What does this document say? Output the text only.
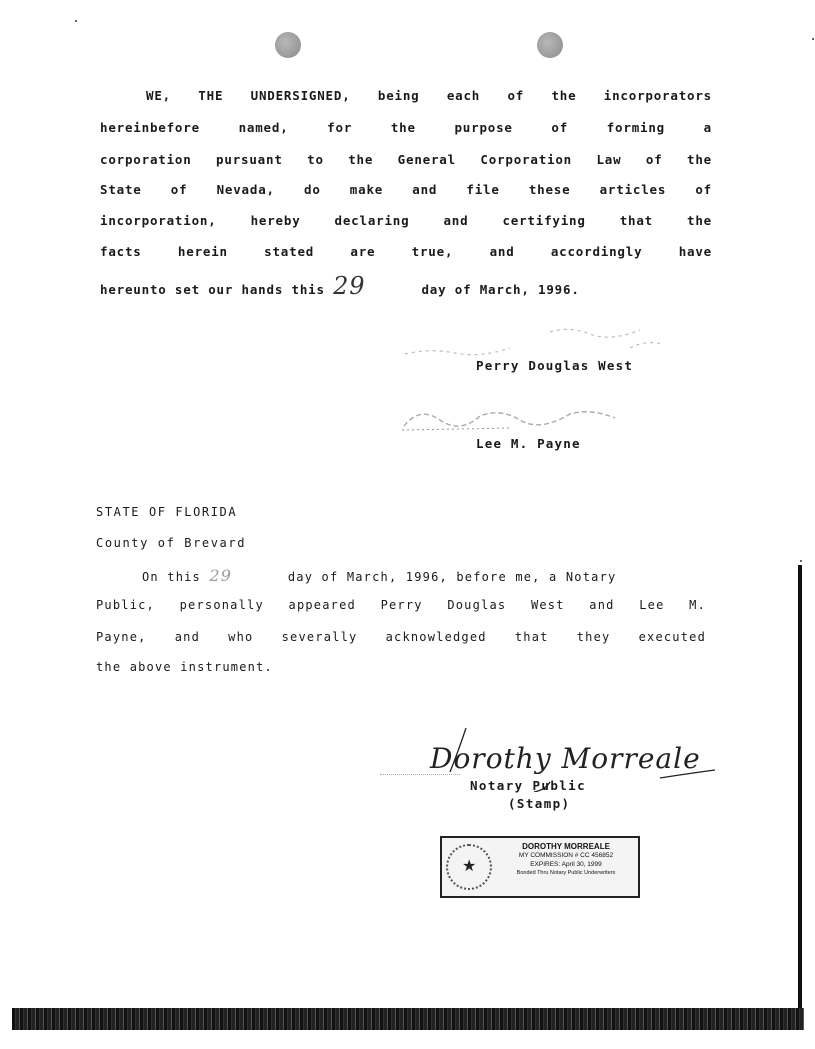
WE, THE UNDERSIGNED, being each of the incorporators
hereinbefore named, for the purpose of forming a
corporation pursuant to the General Corporation Law of the
State of Nevada, do make and file these articles of
incorporation, hereby declaring and certifying that the
facts herein stated are true, and accordingly have
hereunto set our hands this 29	day of March, 1996.
Perry Douglas West
Lee M. Payne
STATE OF FLORIDA
County of Brevard
On this 29	day of March, 1996, before me, a Notary
Public, personally appeared Perry Douglas West and Lee M.
Payne, and who severally acknowledged that they executed
the above instrument.
Dorothy Morreale
Notary Public
(Stamp)
★
DOROTHY MORREALE
MY COMMISSION # CC 456852
EXPIRES: April 30, 1999
Bonded Thru Notary Public Underwriters
